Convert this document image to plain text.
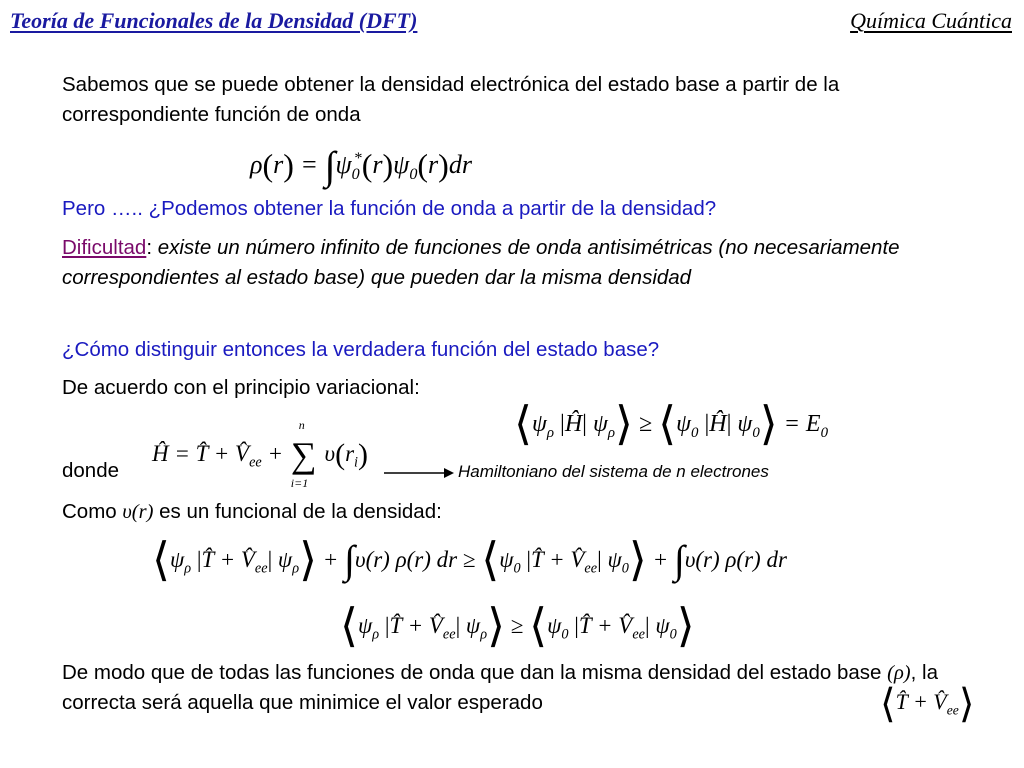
Teoría de Funcionales de la Densidad (DFT)	Química Cuántica
Sabemos que se puede obtener la densidad electrónica del estado base a partir de la correspondiente función de onda
$\rho(r) = \int\psi_0^*(r)\psi_0(r)dr$
Pero ….. ¿Podemos obtener la función de onda a partir de la densidad?
Dificultad: existe un número infinito de funciones de onda antisimétricas (no necesariamente correspondientes al estado base) que pueden dar la misma densidad
¿Cómo distinguir entonces la verdadera función del estado base?
De acuerdo con el principio variacional:
$⟨\psi_\rho$ |Ĥ| $\psi_\rho⟩$ ≥ $⟨\psi_0$ |Ĥ| $\psi_0⟩ = E_0$
donde
Ĥ = T̂ + $V̂_{ee}$ +
n
∑
i=1
$\upsilon(r_i)$
Hamiltoniano del sistema de n electrones
Como υ(r) es un funcional de la densidad:
$⟨\psi_\rho$ |T̂ + $V̂_{ee}|$ $\psi_\rho⟩ + \int\upsilon(r)$ ρ(r) dr ≥ $⟨\psi_0$ |T̂ + $V̂_{ee}|$ $\psi_0⟩ + \int\upsilon(r)$ ρ(r) dr
$⟨\psi_\rho$ |T̂ + $V̂_{ee}|$ $\psi_\rho⟩$ ≥ $⟨\psi_0$ |T̂ + $V̂_{ee}|$ $\psi_0⟩$
De modo que de todas las funciones de onda que dan la misma densidad del estado base (ρ), la correcta será aquella que minimice el valor esperado	⟨T̂ + $V̂_{ee}⟩$
